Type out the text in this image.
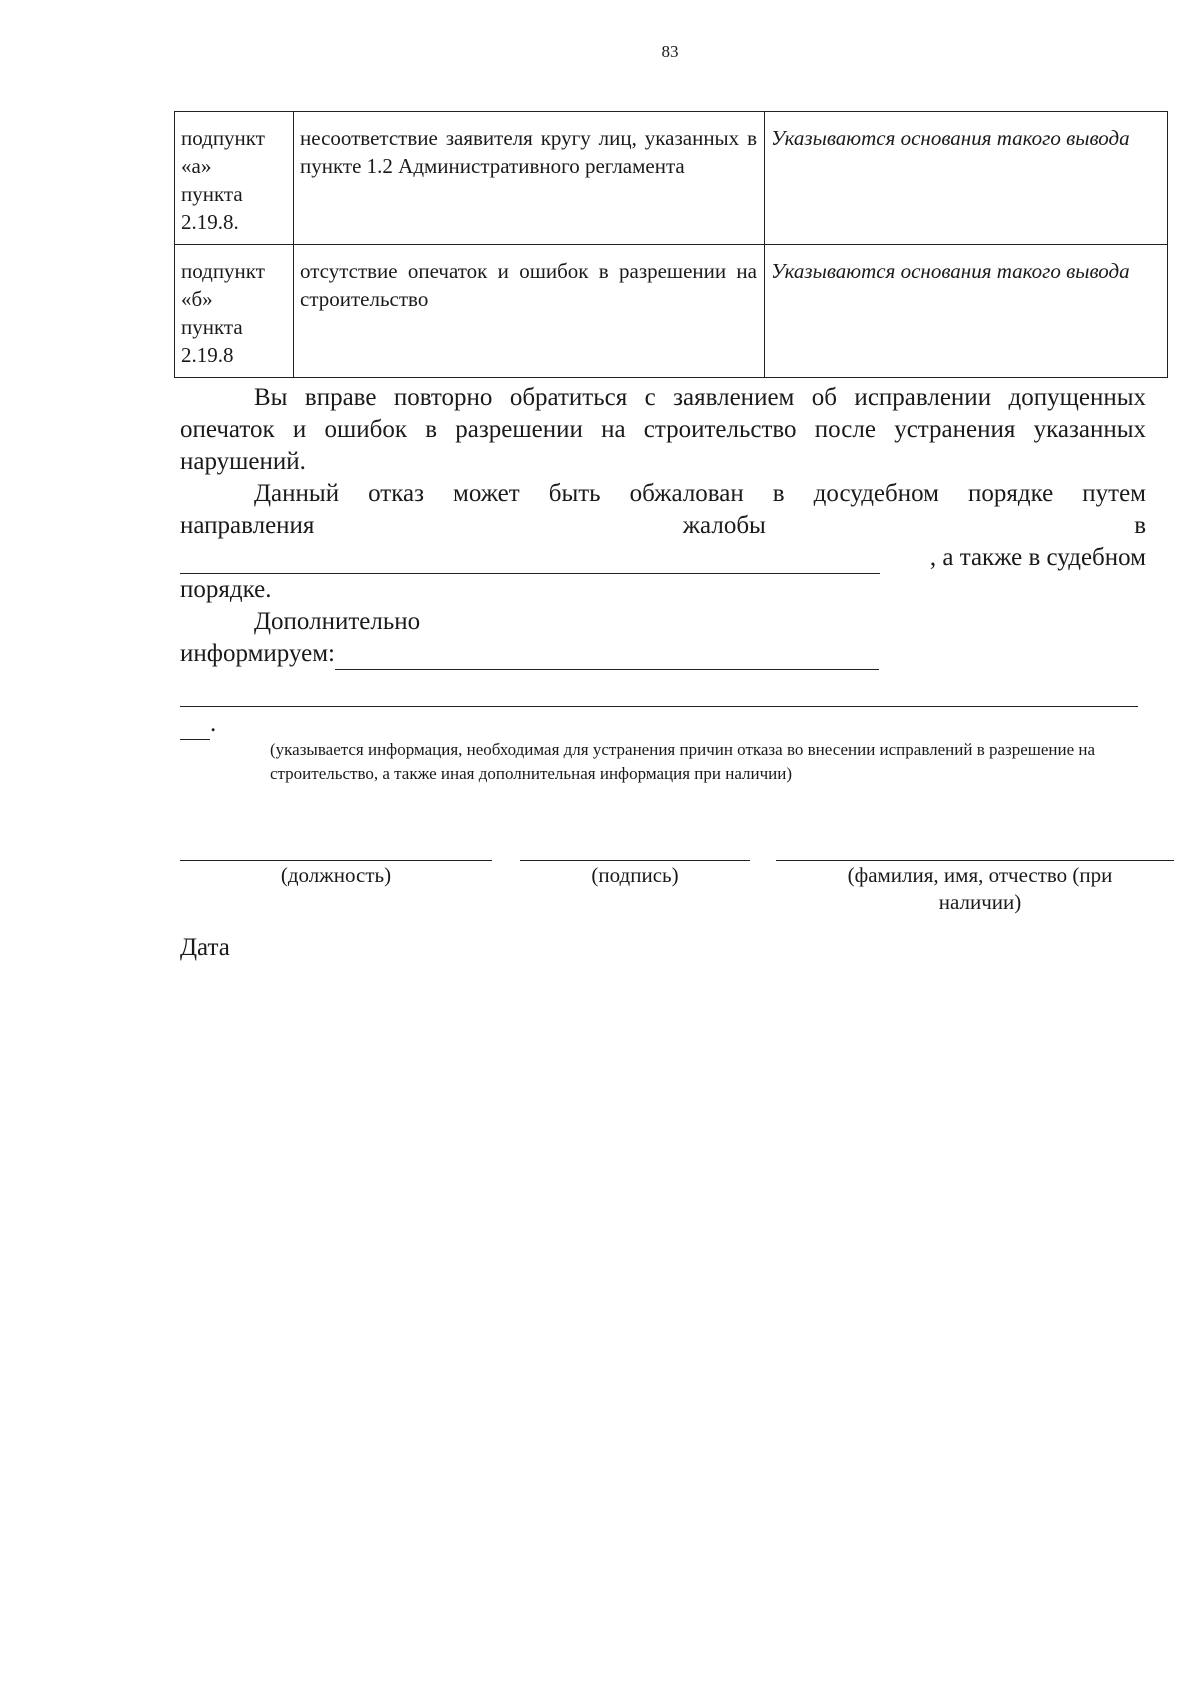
83
подпункт
«а»
пункта
2.19.8.	несоответствие заявителя кругу лиц, указанных в пункте 1.2 Административного регламента	Указываются основания такого вывода

подпункт
«б»
пункта
2.19.8	отсутствие опечаток и ошибок в разрешении на строительство	Указываются основания такого вывода
Вы вправе повторно обратиться с заявлением об исправлении допущенных опечаток и ошибок в разрешении на строительство после устранения указанных нарушений.
Данный отказ может быть обжалован в досудебном порядке путем
направления	жалобы	в
, а также в судебном
порядке.
Дополнительно
информируем:
.
(указывается информация, необходимая для устранения причин отказа во внесении исправлений в разрешение на строительство, а также иная дополнительная информация при наличии)
(должность)	(подпись)	(фамилия, имя, отчество (при наличии)
Дата
